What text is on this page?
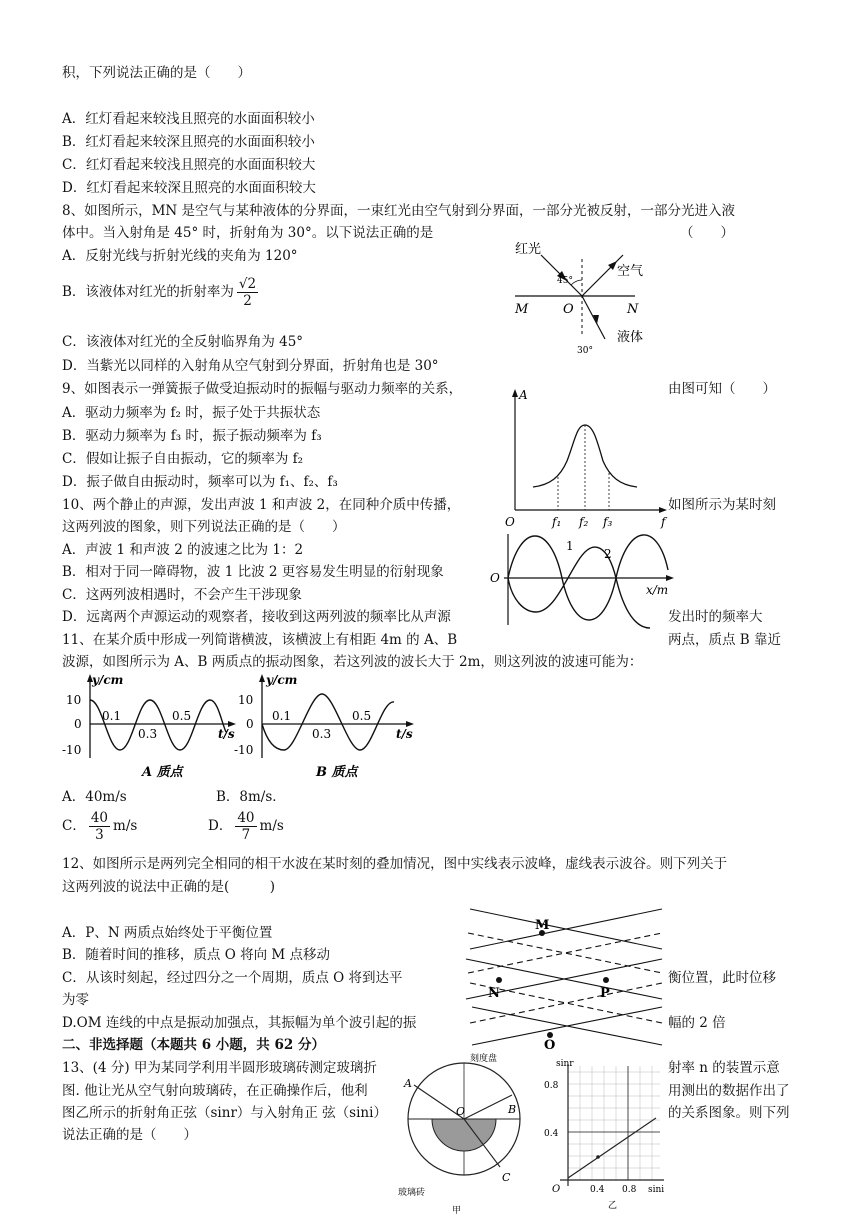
积，下列说法正确的是（　　）
A．红灯看起来较浅且照亮的水面面积较小
B．红灯看起来较深且照亮的水面面积较小
C．红灯看起来较浅且照亮的水面面积较大
D．红灯看起来较深且照亮的水面面积较大
8、如图所示，MN 是空气与某种液体的分界面，一束红光由空气射到分界面，一部分光被反射，一部分光进入液
体中。当入射角是 45° 时，折射角为 30°。以下说法正确的是	（　　）
A．反射光线与折射光线的夹角为 120°
B．该液体对红光的折射率为 $\frac{√2}{2}$
C．该液体对红光的全反射临界角为 45°
D．当紫光以同样的入射角从空气射到分界面，折射角也是 30°
9、如图表示一弹簧振子做受迫振动时的振幅与驱动力频率的关系，	由图可知（　　）
A．驱动力频率为 f₂ 时，振子处于共振状态
B．驱动力频率为 f₃ 时，振子振动频率为 f₃
C．假如让振子自由振动，它的频率为 f₂
D．振子做自由振动时，频率可以为 f₁、f₂、f₃
10、两个静止的声源，发出声波 1 和声波 2，在同种介质中传播，	如图所示为某时刻
这两列波的图象，则下列说法正确的是（　　）
A．声波 1 和声波 2 的波速之比为 1：2
B．相对于同一障碍物，波 1 比波 2 更容易发生明显的衍射现象
C．这两列波相遇时，不会产生干涉现象
D．远离两个声源运动的观察者，接收到这两列波的频率比从声源	发出时的频率大
11、在某介质中形成一列简谐横波，该横波上有相距 4m 的 A、B	两点，质点 B 靠近
波源，如图所示为 A、B 两质点的振动图象，若这列波的波长大于 2m，则这列波的波速可能为：
A．40m/s	B．8m/s．
C． $\frac{40}{3} m/s$	D． $\frac{40}{7} m/s$
12、如图所示是两列完全相同的相干水波在某时刻的叠加情况，图中实线表示波峰，虚线表示波谷。则下列关于
这两列波的说法中正确的是(　　　)
A．P、N 两质点始终处于平衡位置
B．随着时间的推移，质点 O 将向 M 点移动
C．从该时刻起，经过四分之一个周期，质点 O 将到达平	衡位置，此时位移
为零
D.OM 连线的中点是振动加强点，其振幅为单个波引起的振	幅的 2 倍
二、非选择题（本题共 6 小题，共 62 分）
13、(4 分) 甲为某同学利用半圆形玻璃砖测定玻璃折	射率 n 的装置示意
图. 他让光从空气射向玻璃砖，在正确操作后，他利	用测出的数据作出了
图乙所示的折射角正弦（sinr）与入射角正 弦（sini）	的关系图象。则下列
说法正确的是（　　）
红光
空气
液体
M	O	N
45°
30°
A
O	f₁ f₂ f₃	f
O
1
2
x/m
y/cm
t/s
10
0
-10
0.1
0.3
0.5
A 质点
y/cm
t/s
10
0
-10
0.1
0.3
0.5
B 质点
M
N	P
O
刻度盘
A
B
C
O
玻璃砖
甲
sinr
0.8
0.4
O	0.4 0.8 sini
乙
